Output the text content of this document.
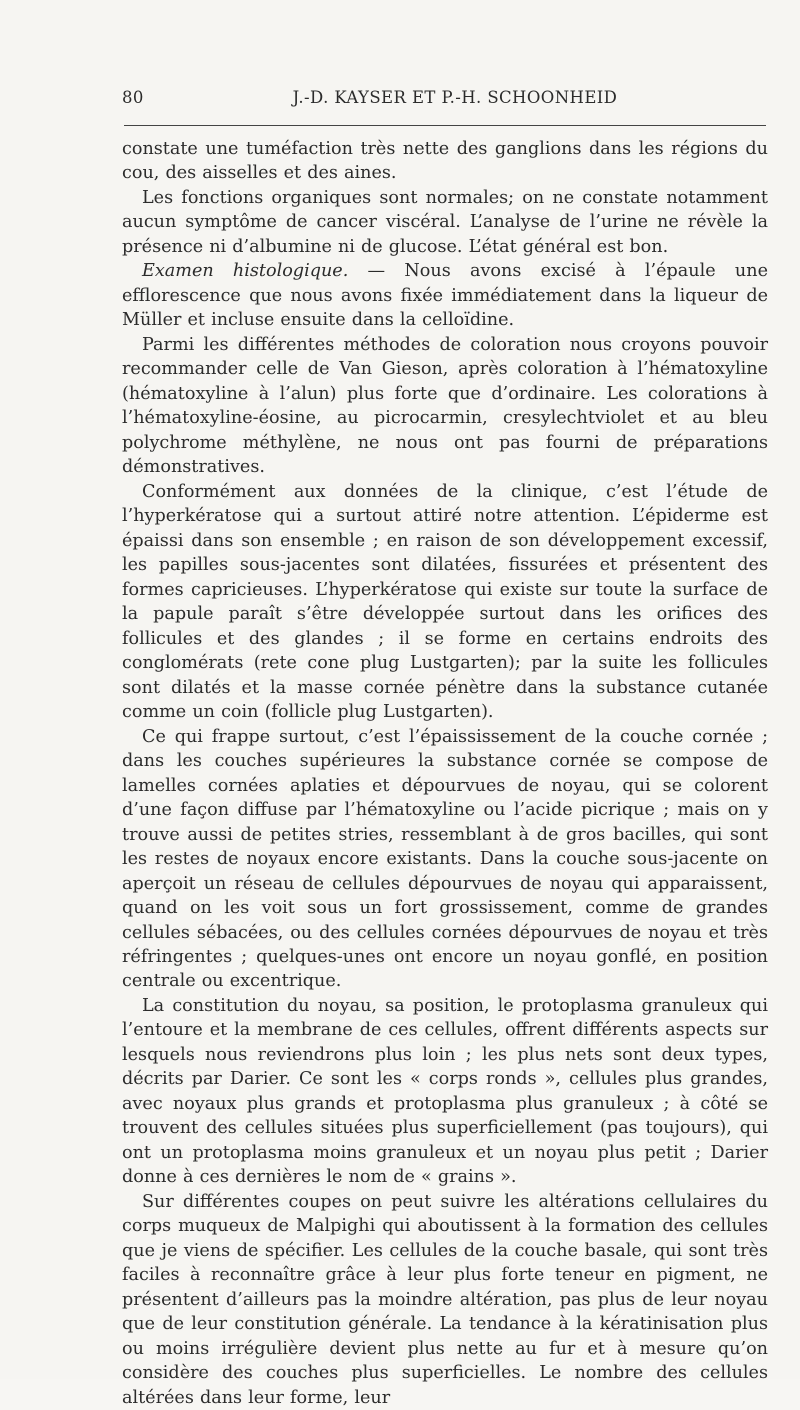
80	J.-D. KAYSER ET P.-H. SCHOONHEID

constate une tuméfaction très nette des ganglions dans les régions du cou, des aisselles et des aines.

Les fonctions organiques sont normales; on ne constate notamment aucun symptôme de cancer viscéral. L’analyse de l’urine ne révèle la présence ni d’albumine ni de glucose. L’état général est bon.

Examen histologique. — Nous avons excisé à l’épaule une efflorescence que nous avons fixée immédiatement dans la liqueur de Müller et incluse ensuite dans la celloïdine.

Parmi les différentes méthodes de coloration nous croyons pouvoir recommander celle de Van Gieson, après coloration à l’hématoxyline (hématoxyline à l’alun) plus forte que d’ordinaire. Les colorations à l’hématoxyline-éosine, au picrocarmin, cresylechtviolet et au bleu polychrome méthylène, ne nous ont pas fourni de préparations démonstratives.

Conformément aux données de la clinique, c’est l’étude de l’hyperkératose qui a surtout attiré notre attention. L’épiderme est épaissi dans son ensemble ; en raison de son développement excessif, les papilles sous-jacentes sont dilatées, fissurées et présentent des formes capricieuses. L’hyperkératose qui existe sur toute la surface de la papule paraît s’être développée surtout dans les orifices des follicules et des glandes ; il se forme en certains endroits des conglomérats (rete cone plug Lustgarten); par la suite les follicules sont dilatés et la masse cornée pénètre dans la substance cutanée comme un coin (follicle plug Lustgarten).

Ce qui frappe surtout, c’est l’épaississement de la couche cornée ; dans les couches supérieures la substance cornée se compose de lamelles cornées aplaties et dépourvues de noyau, qui se colorent d’une façon diffuse par l’hématoxyline ou l’acide picrique ; mais on y trouve aussi de petites stries, ressemblant à de gros bacilles, qui sont les restes de noyaux encore existants. Dans la couche sous-jacente on aperçoit un réseau de cellules dépourvues de noyau qui apparaissent, quand on les voit sous un fort grossissement, comme de grandes cellules sébacées, ou des cellules cornées dépourvues de noyau et très réfringentes ; quelques-unes ont encore un noyau gonflé, en position centrale ou excentrique.

La constitution du noyau, sa position, le protoplasma granuleux qui l’entoure et la membrane de ces cellules, offrent différents aspects sur lesquels nous reviendrons plus loin ; les plus nets sont deux types, décrits par Darier. Ce sont les « corps ronds », cellules plus grandes, avec noyaux plus grands et protoplasma plus granuleux ; à côté se trouvent des cellules situées plus superficiellement (pas toujours), qui ont un protoplasma moins granuleux et un noyau plus petit ; Darier donne à ces dernières le nom de « grains ».

Sur différentes coupes on peut suivre les altérations cellulaires du corps muqueux de Malpighi qui aboutissent à la formation des cellules que je viens de spécifier. Les cellules de la couche basale, qui sont très faciles à reconnaître grâce à leur plus forte teneur en pigment, ne présentent d’ailleurs pas la moindre altération, pas plus de leur noyau que de leur constitution générale. La tendance à la kératinisation plus ou moins irrégulière devient plus nette au fur et à mesure qu’on considère des couches plus superficielles. Le nombre des cellules altérées dans leur forme, leur
